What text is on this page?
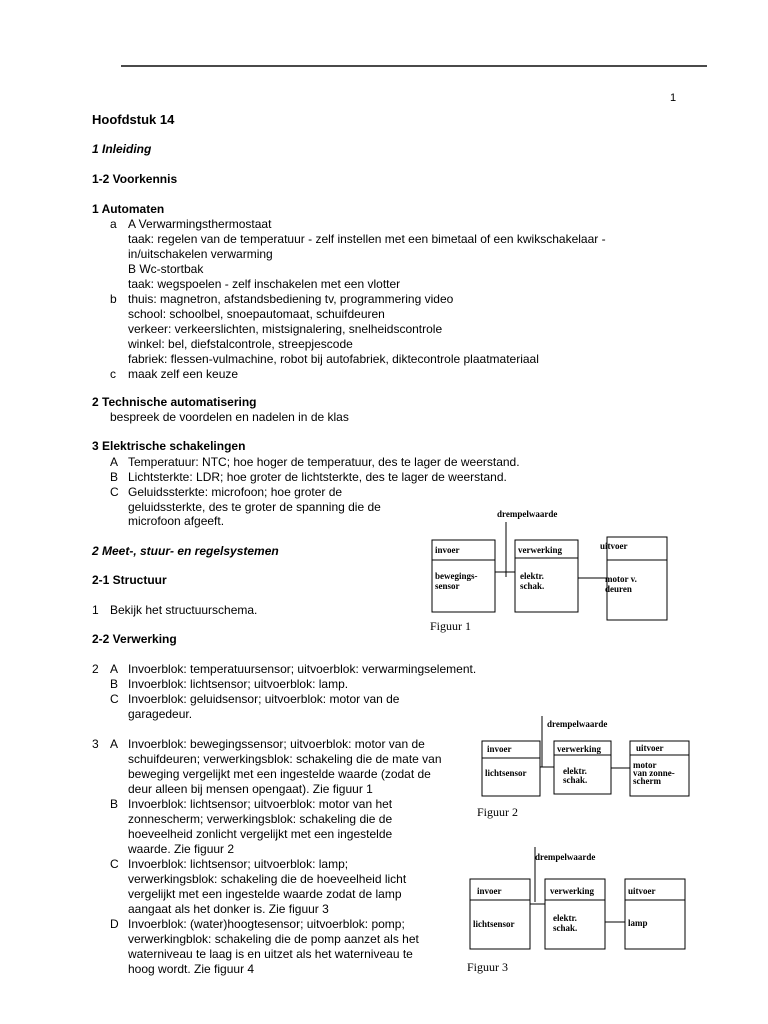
1
Hoofdstuk 14
1 Inleiding
1-2 Voorkennis
1 Automaten
a A Verwarmingsthermostaat
taak: regelen van de temperatuur - zelf instellen met een bimetaal of een kwikschakelaar -
in/uitschakelen verwarming
B Wc-stortbak
taak: wegspoelen - zelf inschakelen met een vlotter
b thuis: magnetron, afstandsbediening tv, programmering video
school: schoolbel, snoepautomaat, schuifdeuren
verkeer: verkeerslichten, mistsignalering, snelheidscontrole
winkel: bel, diefstalcontrole, streepjescode
fabriek: flessen-vulmachine, robot bij autofabriek, diktecontrole plaatmateriaal
c maak zelf een keuze
2 Technische automatisering
bespreek de voordelen en nadelen in de klas
3 Elektrische schakelingen
A Temperatuur: NTC; hoe hoger de temperatuur, des te lager de weerstand.
B Lichtsterkte: LDR; hoe groter de lichtsterkte, des te lager de weerstand.
C Geluidssterkte: microfoon; hoe groter de
geluidssterkte, des te groter de spanning die de
microfoon afgeeft.
2 Meet-, stuur- en regelsystemen
2-1 Structuur
1 Bekijk het structuurschema.
2-2 Verwerking
2 A Invoerblok: temperatuursensor; uitvoerblok: verwarmingselement.
B Invoerblok: lichtsensor; uitvoerblok: lamp.
C Invoerblok: geluidsensor; uitvoerblok: motor van de
garagedeur.
3 A Invoerblok: bewegingssensor; uitvoerblok: motor van de
schuifdeuren; verwerkingsblok: schakeling die de mate van
beweging vergelijkt met een ingestelde waarde (zodat de
deur alleen bij mensen opengaat). Zie figuur 1
B Invoerblok: lichtsensor; uitvoerblok: motor van het
zonnescherm; verwerkingsblok: schakeling die de
hoeveelheid zonlicht vergelijkt met een ingestelde
waarde. Zie figuur 2
C Invoerblok: lichtsensor; uitvoerblok: lamp;
verwerkingsblok: schakeling die de hoeveelheid licht
vergelijkt met een ingestelde waarde zodat de lamp
aangaat als het donker is. Zie figuur 3
D Invoerblok: (water)hoogtesensor; uitvoerblok: pomp;
verwerkingblok: schakeling die de pomp aanzet als het
waterniveau te laag is en uitzet als het waterniveau te
hoog wordt. Zie figuur 4
drempelwaarde
invoer
bewegings-
sensor
verwerking
elektr.
schak.
uitvoer
motor v.
deuren
Figuur 1
drempelwaarde
invoer
lichtsensor
verwerking
elektr.
schak.
uitvoer
motor
van zonne-
scherm
Figuur 2
drempelwaarde
invoer
lichtsensor
verwerking
elektr.
schak.
uitvoer
lamp
Figuur 3
